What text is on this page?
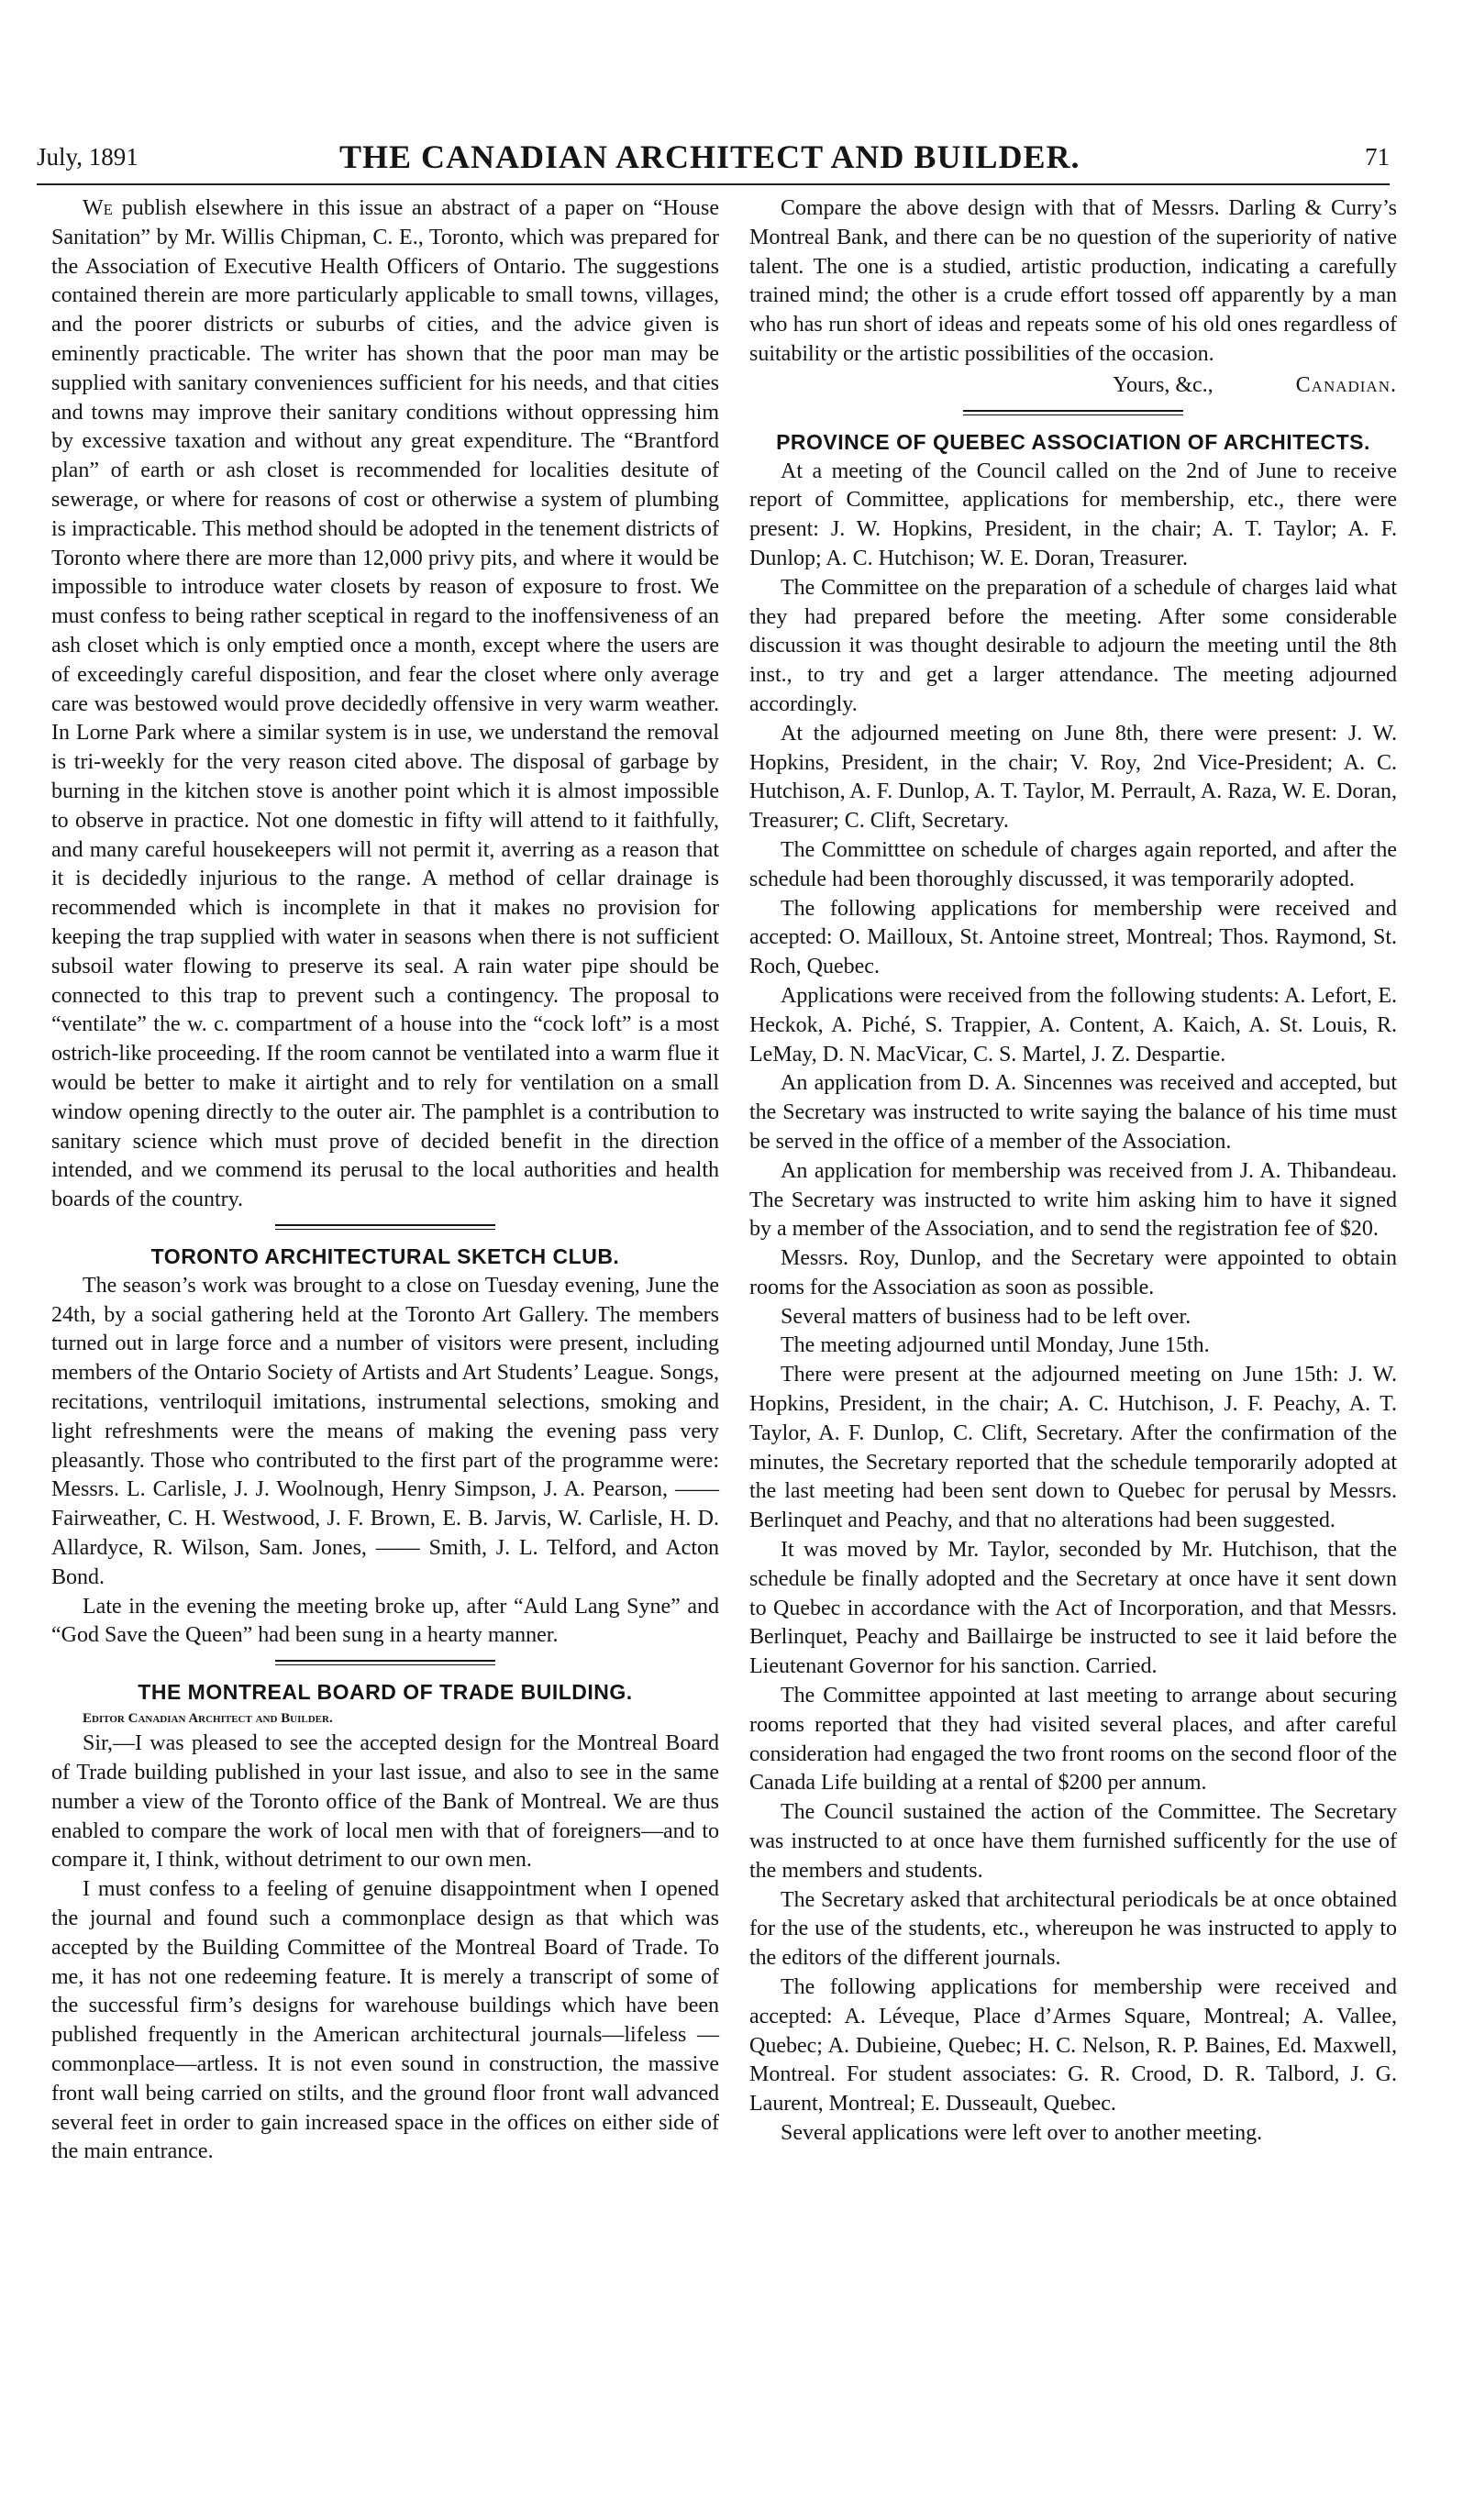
July, 1891	THE CANADIAN ARCHITECT AND BUILDER.	71

We publish elsewhere in this issue an abstract of a paper on “House Sanitation” by Mr. Willis Chipman, C. E., Toronto, which was prepared for the Association of Executive Health Officers of Ontario. The suggestions contained therein are more particularly applicable to small towns, villages, and the poorer districts or suburbs of cities, and the advice given is eminently practicable. The writer has shown that the poor man may be supplied with sanitary conveniences sufficient for his needs, and that cities and towns may improve their sanitary conditions without oppressing him by excessive taxation and without any great expenditure. The “Brantford plan” of earth or ash closet is recommended for localities desitute of sewerage, or where for reasons of cost or otherwise a system of plumbing is impracticable. This method should be adopted in the tenement districts of Toronto where there are more than 12,000 privy pits, and where it would be impossible to introduce water closets by reason of exposure to frost. We must confess to being rather sceptical in regard to the inoffensiveness of an ash closet which is only emptied once a month, except where the users are of exceedingly careful disposition, and fear the closet where only average care was bestowed would prove decidedly offensive in very warm weather. In Lorne Park where a similar system is in use, we understand the removal is tri-weekly for the very reason cited above. The disposal of garbage by burning in the kitchen stove is another point which it is almost impossible to observe in practice. Not one domestic in fifty will attend to it faithfully, and many careful housekeepers will not permit it, averring as a reason that it is decidedly injurious to the range. A method of cellar drainage is recommended which is incomplete in that it makes no provision for keeping the trap supplied with water in seasons when there is not sufficient subsoil water flowing to preserve its seal. A rain water pipe should be connected to this trap to prevent such a contingency. The proposal to “ventilate” the w. c. compartment of a house into the “cock loft” is a most ostrich-like proceeding. If the room cannot be ventilated into a warm flue it would be better to make it airtight and to rely for ventilation on a small window opening directly to the outer air. The pamphlet is a contribution to sanitary science which must prove of decided benefit in the direction intended, and we commend its perusal to the local authorities and health boards of the country.

TORONTO ARCHITECTURAL SKETCH CLUB.

The season’s work was brought to a close on Tuesday evening, June the 24th, by a social gathering held at the Toronto Art Gallery. The members turned out in large force and a number of visitors were present, including members of the Ontario Society of Artists and Art Students’ League. Songs, recitations, ventriloquil imitations, instrumental selections, smoking and light refreshments were the means of making the evening pass very pleasantly. Those who contributed to the first part of the programme were: Messrs. L. Carlisle, J. J. Woolnough, Henry Simpson, J. A. Pearson, —— Fairweather, C. H. Westwood, J. F. Brown, E. B. Jarvis, W. Carlisle, H. D. Allardyce, R. Wilson, Sam. Jones, —— Smith, J. L. Telford, and Acton Bond.

Late in the evening the meeting broke up, after “Auld Lang Syne” and “God Save the Queen” had been sung in a hearty manner.

THE MONTREAL BOARD OF TRADE BUILDING.

Editor Canadian Architect and Builder.

Sir,—I was pleased to see the accepted design for the Montreal Board of Trade building published in your last issue, and also to see in the same number a view of the Toronto office of the Bank of Montreal. We are thus enabled to compare the work of local men with that of foreigners—and to compare it, I think, without detriment to our own men.

I must confess to a feeling of genuine disappointment when I opened the journal and found such a commonplace design as that which was accepted by the Building Committee of the Montreal Board of Trade. To me, it has not one redeeming feature. It is merely a transcript of some of the successful firm’s designs for warehouse buildings which have been published frequently in the American architectural journals—lifeless —commonplace—artless. It is not even sound in construction, the massive front wall being carried on stilts, and the ground floor front wall advanced several feet in order to gain increased space in the offices on either side of the main entrance.

Compare the above design with that of Messrs. Darling & Curry’s Montreal Bank, and there can be no question of the superiority of native talent. The one is a studied, artistic production, indicating a carefully trained mind; the other is a crude effort tossed off apparently by a man who has run short of ideas and repeats some of his old ones regardless of suitability or the artistic possibilities of the occasion.

Yours, &c.,	Canadian.
PROVINCE OF QUEBEC ASSOCIATION OF ARCHITECTS.

At a meeting of the Council called on the 2nd of June to receive report of Committee, applications for membership, etc., there were present: J. W. Hopkins, President, in the chair; A. T. Taylor; A. F. Dunlop; A. C. Hutchison; W. E. Doran, Treasurer.

The Committee on the preparation of a schedule of charges laid what they had prepared before the meeting. After some considerable discussion it was thought desirable to adjourn the meeting until the 8th inst., to try and get a larger attendance. The meeting adjourned accordingly.

At the adjourned meeting on June 8th, there were present: J. W. Hopkins, President, in the chair; V. Roy, 2nd Vice-President; A. C. Hutchison, A. F. Dunlop, A. T. Taylor, M. Perrault, A. Raza, W. E. Doran, Treasurer; C. Clift, Secretary.

The Committtee on schedule of charges again reported, and after the schedule had been thoroughly discussed, it was temporarily adopted.

The following applications for membership were received and accepted: O. Mailloux, St. Antoine street, Montreal; Thos. Raymond, St. Roch, Quebec.

Applications were received from the following students: A. Lefort, E. Heckok, A. Piché, S. Trappier, A. Content, A. Kaich, A. St. Louis, R. LeMay, D. N. MacVicar, C. S. Martel, J. Z. Despartie.

An application from D. A. Sincennes was received and accepted, but the Secretary was instructed to write saying the balance of his time must be served in the office of a member of the Association.

An application for membership was received from J. A. Thibandeau. The Secretary was instructed to write him asking him to have it signed by a member of the Association, and to send the registration fee of $20.

Messrs. Roy, Dunlop, and the Secretary were appointed to obtain rooms for the Association as soon as possible.

Several matters of business had to be left over.

The meeting adjourned until Monday, June 15th.

There were present at the adjourned meeting on June 15th: J. W. Hopkins, President, in the chair; A. C. Hutchison, J. F. Peachy, A. T. Taylor, A. F. Dunlop, C. Clift, Secretary. After the confirmation of the minutes, the Secretary reported that the schedule temporarily adopted at the last meeting had been sent down to Quebec for perusal by Messrs. Berlinquet and Peachy, and that no alterations had been suggested.

It was moved by Mr. Taylor, seconded by Mr. Hutchison, that the schedule be finally adopted and the Secretary at once have it sent down to Quebec in accordance with the Act of Incorporation, and that Messrs. Berlinquet, Peachy and Baillairge be instructed to see it laid before the Lieutenant Governor for his sanction. Carried.

The Committee appointed at last meeting to arrange about securing rooms reported that they had visited several places, and after careful consideration had engaged the two front rooms on the second floor of the Canada Life building at a rental of $200 per annum.

The Council sustained the action of the Committee. The Secretary was instructed to at once have them furnished sufficently for the use of the members and students.

The Secretary asked that architectural periodicals be at once obtained for the use of the students, etc., whereupon he was instructed to apply to the editors of the different journals.

The following applications for membership were received and accepted: A. Léveque, Place d’Armes Square, Montreal; A. Vallee, Quebec; A. Dubieine, Quebec; H. C. Nelson, R. P. Baines, Ed. Maxwell, Montreal. For student associates: G. R. Crood, D. R. Talbord, J. G. Laurent, Montreal; E. Dusseault, Quebec.

Several applications were left over to another meeting.
